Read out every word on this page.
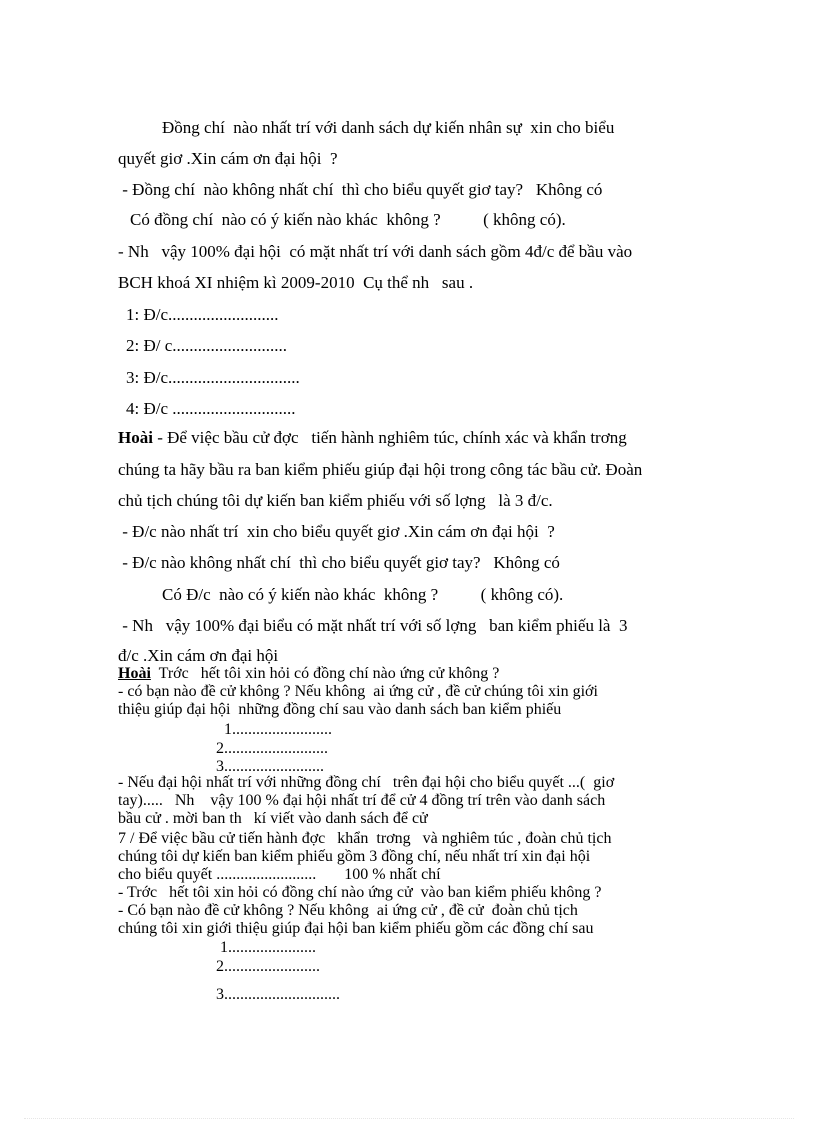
Đồng chí  nào nhất trí với danh sách dự kiến nhân sự  xin cho biểu
quyết giơ .Xin cám ơn đại hội  ?
- Đồng chí  nào không nhất chí  thì cho biểu quyết giơ tay?   Không có
Có đồng chí  nào có ý kiến nào khác  không ?          ( không có).
- Nh   vậy 100% đại hội  có mặt nhất trí với danh sách gồm 4đ/c để bầu vào
BCH khoá XI nhiệm kì 2009-2010  Cụ thể nh   sau .
1: Đ/c..........................
2: Đ/ c...........................
3: Đ/c...............................
4: Đ/c .............................
Hoài - Để việc bầu cử đợc   tiến hành nghiêm túc, chính xác và khẩn trơng
chúng ta hãy bầu ra ban kiểm phiếu giúp đại hội trong công tác bầu cử. Đoàn
chủ tịch chúng tôi dự kiến ban kiểm phiếu với số lợng   là 3 đ/c.
- Đ/c nào nhất trí  xin cho biểu quyết giơ .Xin cám ơn đại hội  ?
- Đ/c nào không nhất chí  thì cho biểu quyết giơ tay?   Không có
Có Đ/c  nào có ý kiến nào khác  không ?          ( không có).
- Nh   vậy 100% đại biểu có mặt nhất trí với số lợng   ban kiểm phiếu là  3
đ/c .Xin cám ơn đại hội
Hoài  Trớc   hết tôi xin hỏi có đồng chí nào ứng cử không ?
- có bạn nào đề cử không ? Nếu không  ai ứng cử , đề cử chúng tôi xin giới
thiệu giúp đại hội  những đồng chí sau vào danh sách ban kiểm phiếu
1.........................
2..........................
3.........................
- Nếu đại hội nhất trí với những đồng chí   trên đại hội cho biểu quyết ...(  giơ
tay).....   Nh    vậy 100 % đại hội nhất trí để cử 4 đồng trí trên vào danh sách
bầu cử . mời ban th   kí viết vào danh sách để cử
7 / Để việc bầu cử tiến hành đợc   khẩn  trơng   và nghiêm túc , đoàn chủ tịch
chúng tôi dự kiến ban kiểm phiếu gồm 3 đồng chí, nếu nhất trí xin đại hội
cho biểu quyết .........................       100 % nhất chí
- Trớc   hết tôi xin hỏi có đồng chí nào ứng cử  vào ban kiểm phiếu không ?
- Có bạn nào đề cử không ? Nếu không  ai ứng cử , đề cử  đoàn chủ tịch
chúng tôi xin giới thiệu giúp đại hội ban kiểm phiếu gồm các đồng chí sau
1......................
2........................
3.............................
